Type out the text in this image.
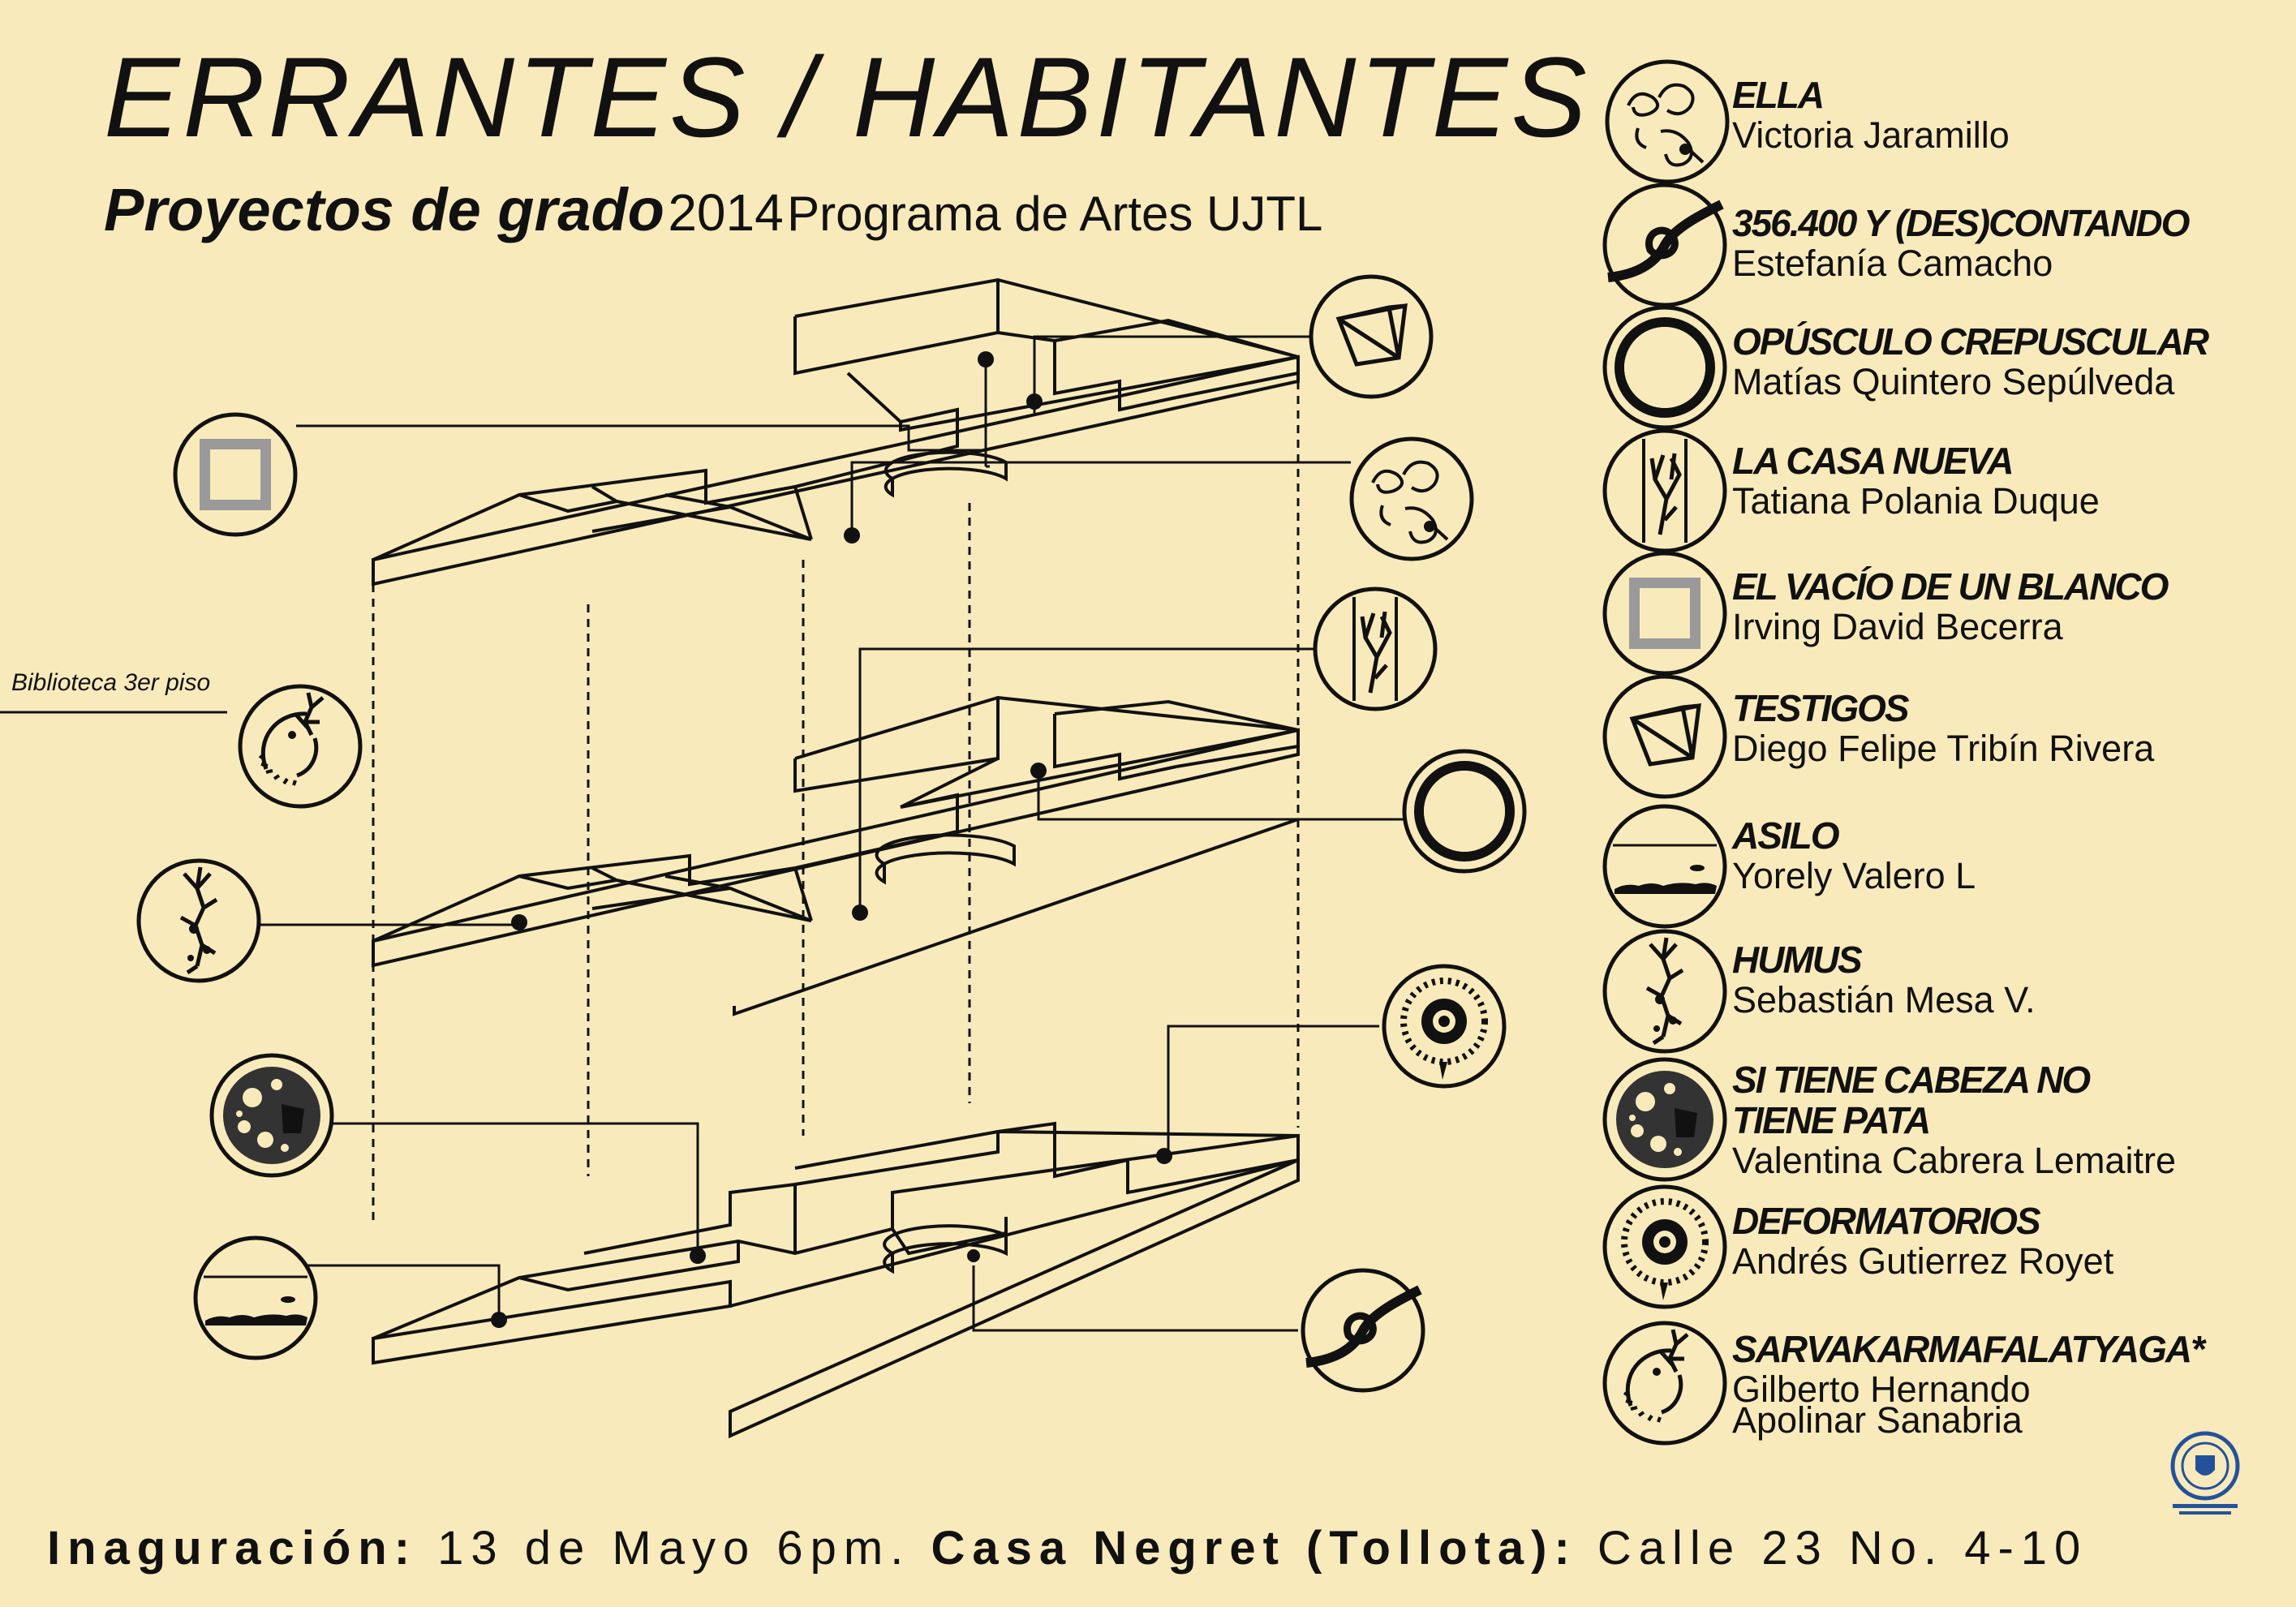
ERRANTES / HABITANTES
Proyectos de grado 2014 Programa de Artes UJTL
Biblioteca 3er piso
ELLA
Victoria Jaramillo
356.400 Y (DES)CONTANDO
Estefanía Camacho
OPÚSCULO CREPUSCULAR
Matías Quintero Sepúlveda
LA CASA NUEVA
Tatiana Polania Duque
EL VACÍO DE UN BLANCO
Irving David Becerra
TESTIGOS
Diego Felipe Tribín Rivera
ASILO
Yorely Valero L
HUMUS
Sebastián Mesa V.
SI TIENE CABEZA NO
TIENE PATA
Valentina Cabrera Lemaitre
DEFORMATORIOS
Andrés Gutierrez Royet
SARVAKARMAFALATYAGA*
Gilberto Hernando
Apolinar Sanabria
Inaguración: 13 de Mayo 6pm. Casa Negret (Tollota): Calle 23 No. 4-10
